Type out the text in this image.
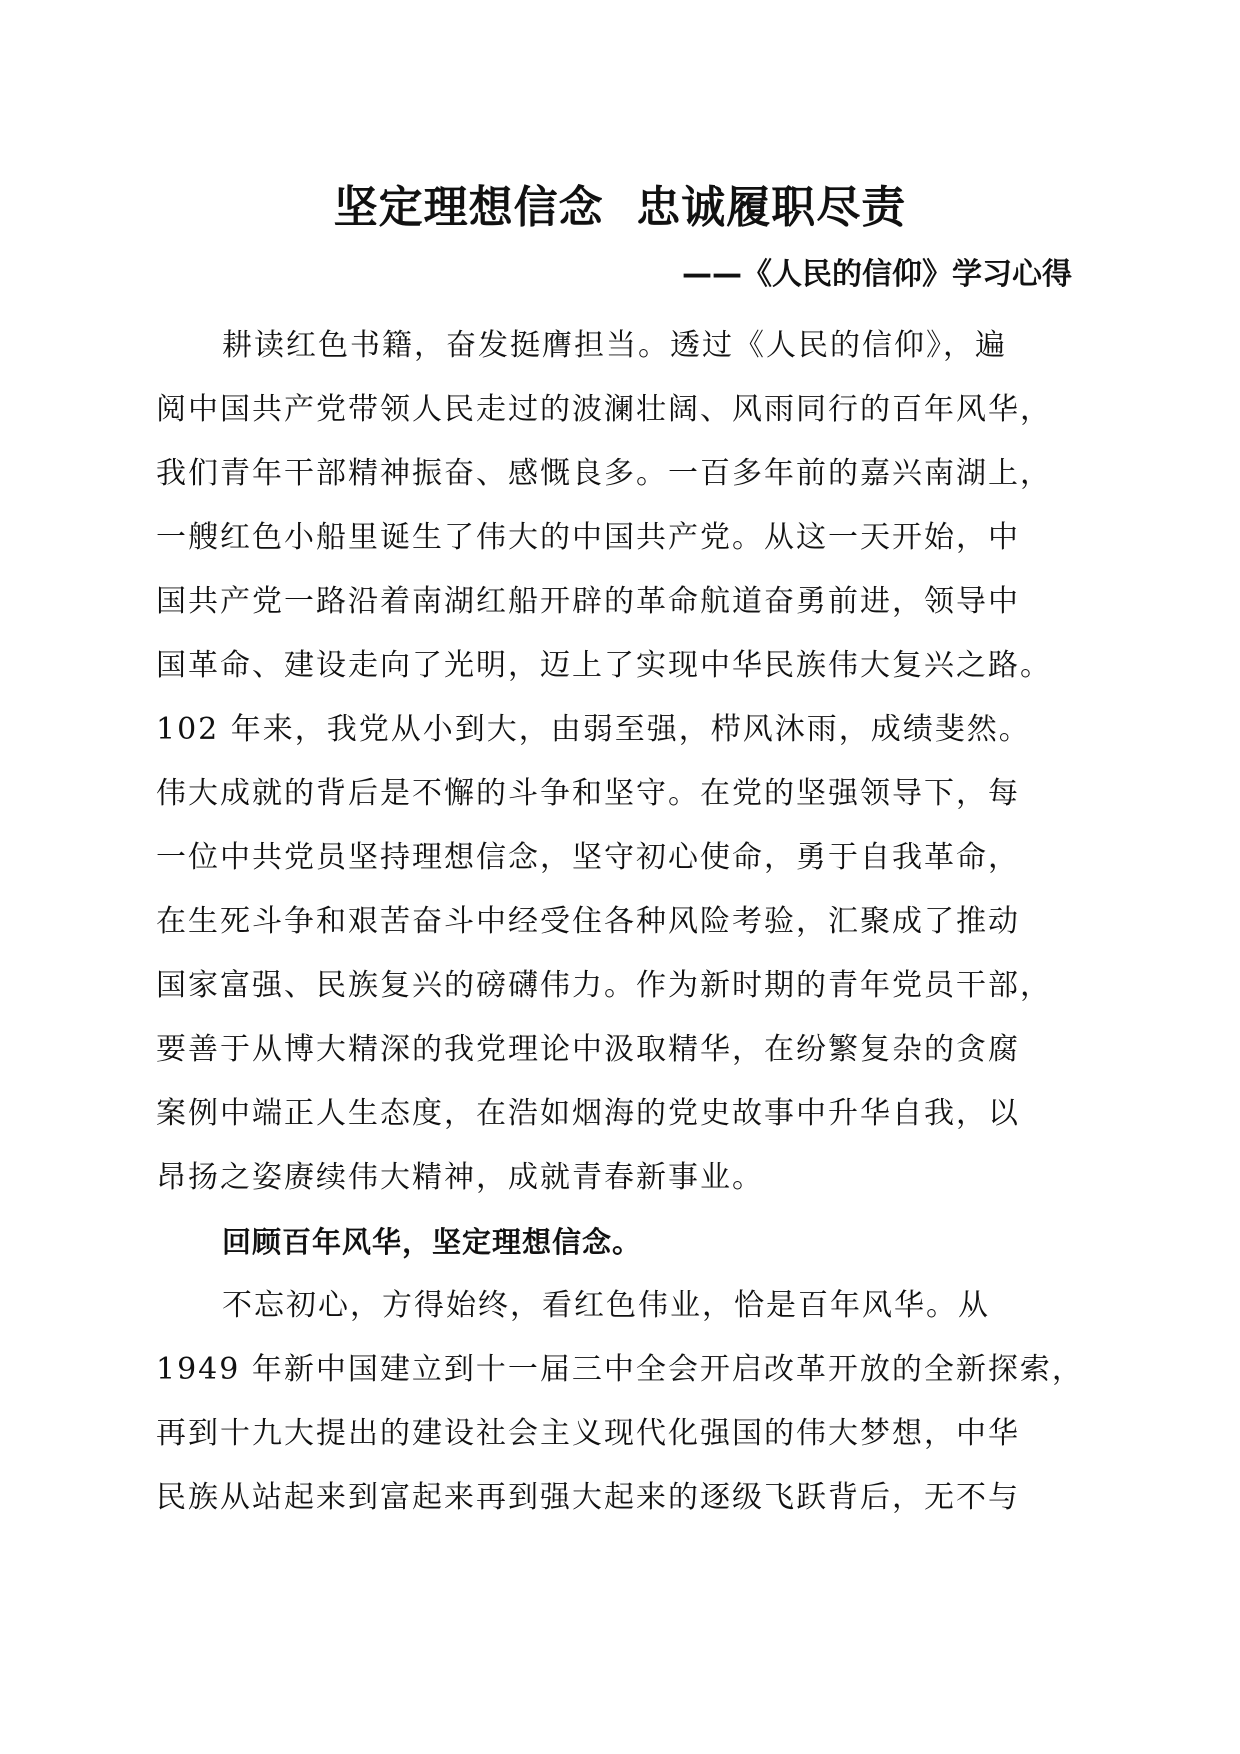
坚定理想信念  忠诚履职尽责
——《人民的信仰》学习心得
耕读红色书籍，奋发挺膺担当。透过《人民的信仰》，遍
阅中国共产党带领人民走过的波澜壮阔、风雨同行的百年风华，
我们青年干部精神振奋、感慨良多。一百多年前的嘉兴南湖上，
一艘红色小船里诞生了伟大的中国共产党。从这一天开始，中
国共产党一路沿着南湖红船开辟的革命航道奋勇前进，领导中
国革命、建设走向了光明，迈上了实现中华民族伟大复兴之路。
102 年来，我党从小到大，由弱至强，栉风沐雨，成绩斐然。
伟大成就的背后是不懈的斗争和坚守。在党的坚强领导下，每
一位中共党员坚持理想信念，坚守初心使命，勇于自我革命，
在生死斗争和艰苦奋斗中经受住各种风险考验，汇聚成了推动
国家富强、民族复兴的磅礴伟力。作为新时期的青年党员干部，
要善于从博大精深的我党理论中汲取精华，在纷繁复杂的贪腐
案例中端正人生态度，在浩如烟海的党史故事中升华自我，以
昂扬之姿赓续伟大精神，成就青春新事业。
回顾百年风华，坚定理想信念。
不忘初心，方得始终，看红色伟业，恰是百年风华。从
1949 年新中国建立到十一届三中全会开启改革开放的全新探索，
再到十九大提出的建设社会主义现代化强国的伟大梦想，中华
民族从站起来到富起来再到强大起来的逐级飞跃背后，无不与
